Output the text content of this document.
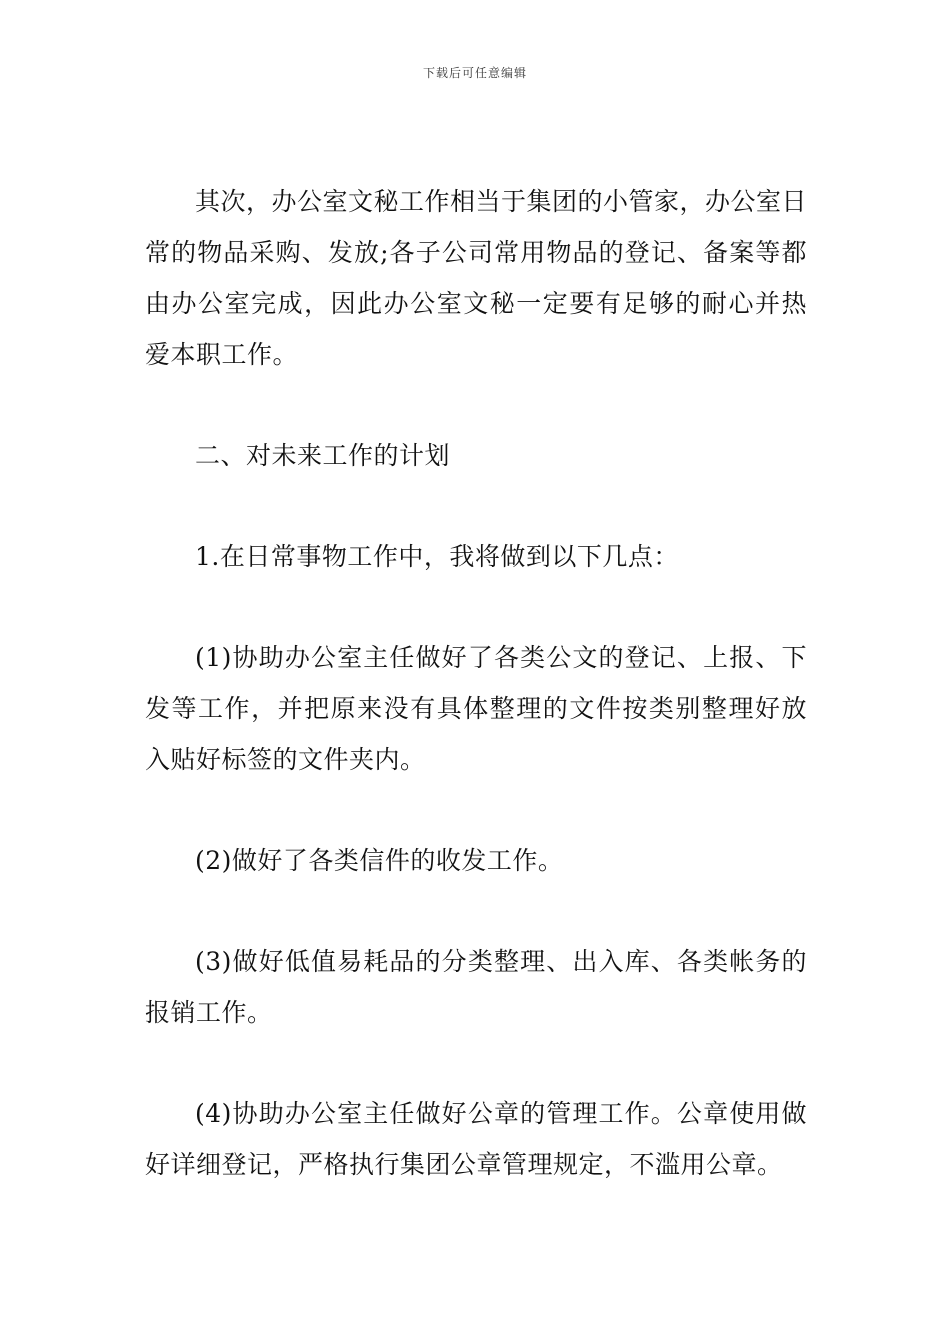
下载后可任意编辑

其次，办公室文秘工作相当于集团的小管家，办公室日常的物品采购、发放;各子公司常用物品的登记、备案等都由办公室完成，因此办公室文秘一定要有足够的耐心并热爱本职工作。

二、对未来工作的计划

1.在日常事物工作中，我将做到以下几点：

(1)协助办公室主任做好了各类公文的登记、上报、下发等工作，并把原来没有具体整理的文件按类别整理好放入贴好标签的文件夹内。

(2)做好了各类信件的收发工作。

(3)做好低值易耗品的分类整理、出入库、各类帐务的报销工作。

(4)协助办公室主任做好公章的管理工作。公章使用做好详细登记，严格执行集团公章管理规定，不滥用公章。
